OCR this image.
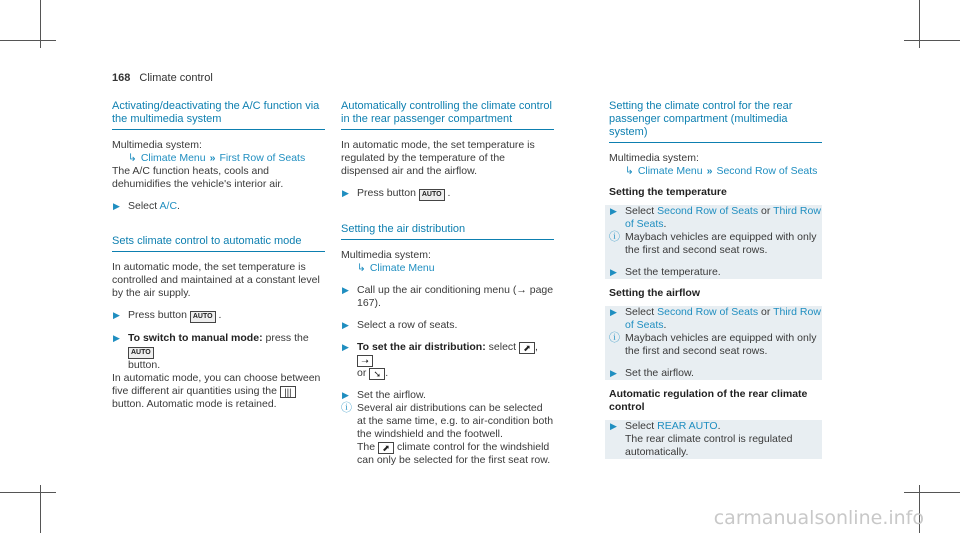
168 Climate control
Activating/deactivating the A/C function via the multimedia system

Multimedia system:

↳ Climate Menu » First Row of Seats

The A/C function heats, cools and dehumidifies the vehicle's interior air.

▶ Select A/C.

Sets climate control to automatic mode

In automatic mode, the set temperature is controlled and maintained at a constant level by the air supply.

▶ Press button AUTO .

▶ To switch to manual mode: press the AUTO
button.

In automatic mode, you can choose between five different air quantities using the ||| button. Automatic mode is retained.

Automatically controlling the climate control in the rear passenger compartment

In automatic mode, the set temperature is regulated by the temperature of the dispensed air and the airflow.

▶ Press button AUTO .

Setting the air distribution

Multimedia system:

↳ Climate Menu

▶ Call up the air conditioning menu (→ page 167).

▶ Select a row of seats.

▶ To set the air distribution: select ⬈ , ➝
or ➘ .

▶ Set the airflow.

ⓘ Several air distributions can be selected at the same time, e.g. to air-condition both the windshield and the footwell.
The ⬈ climate control for the windshield can only be selected for the first seat row.

Setting the climate control for the rear passenger compartment (multimedia system)

Multimedia system:

↳ Climate Menu » Second Row of Seats

Setting the temperature

▶ Select Second Row of Seats or Third Row of Seats.

ⓘ Maybach vehicles are equipped with only the first and second seat rows.

▶ Set the temperature.

Setting the airflow

▶ Select Second Row of Seats or Third Row of Seats.

ⓘ Maybach vehicles are equipped with only the first and second seat rows.

▶ Set the airflow.

Automatic regulation of the rear climate control

▶ Select REAR AUTO.
The rear climate control is regulated automatically.

carmanualsonline.info
